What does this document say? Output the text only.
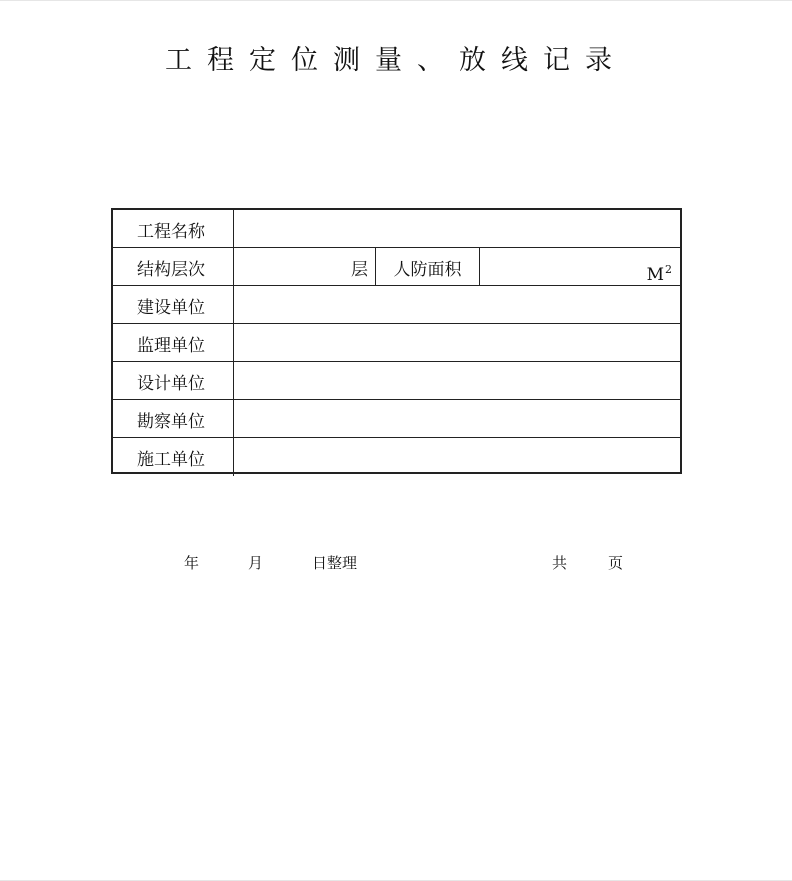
工程定位测量、放线记录
工程名称
结构层次	层	人防面积	$M^2$
建设单位
监理单位
设计单位
勘察单位
施工单位
年	月	日整理	共	页
